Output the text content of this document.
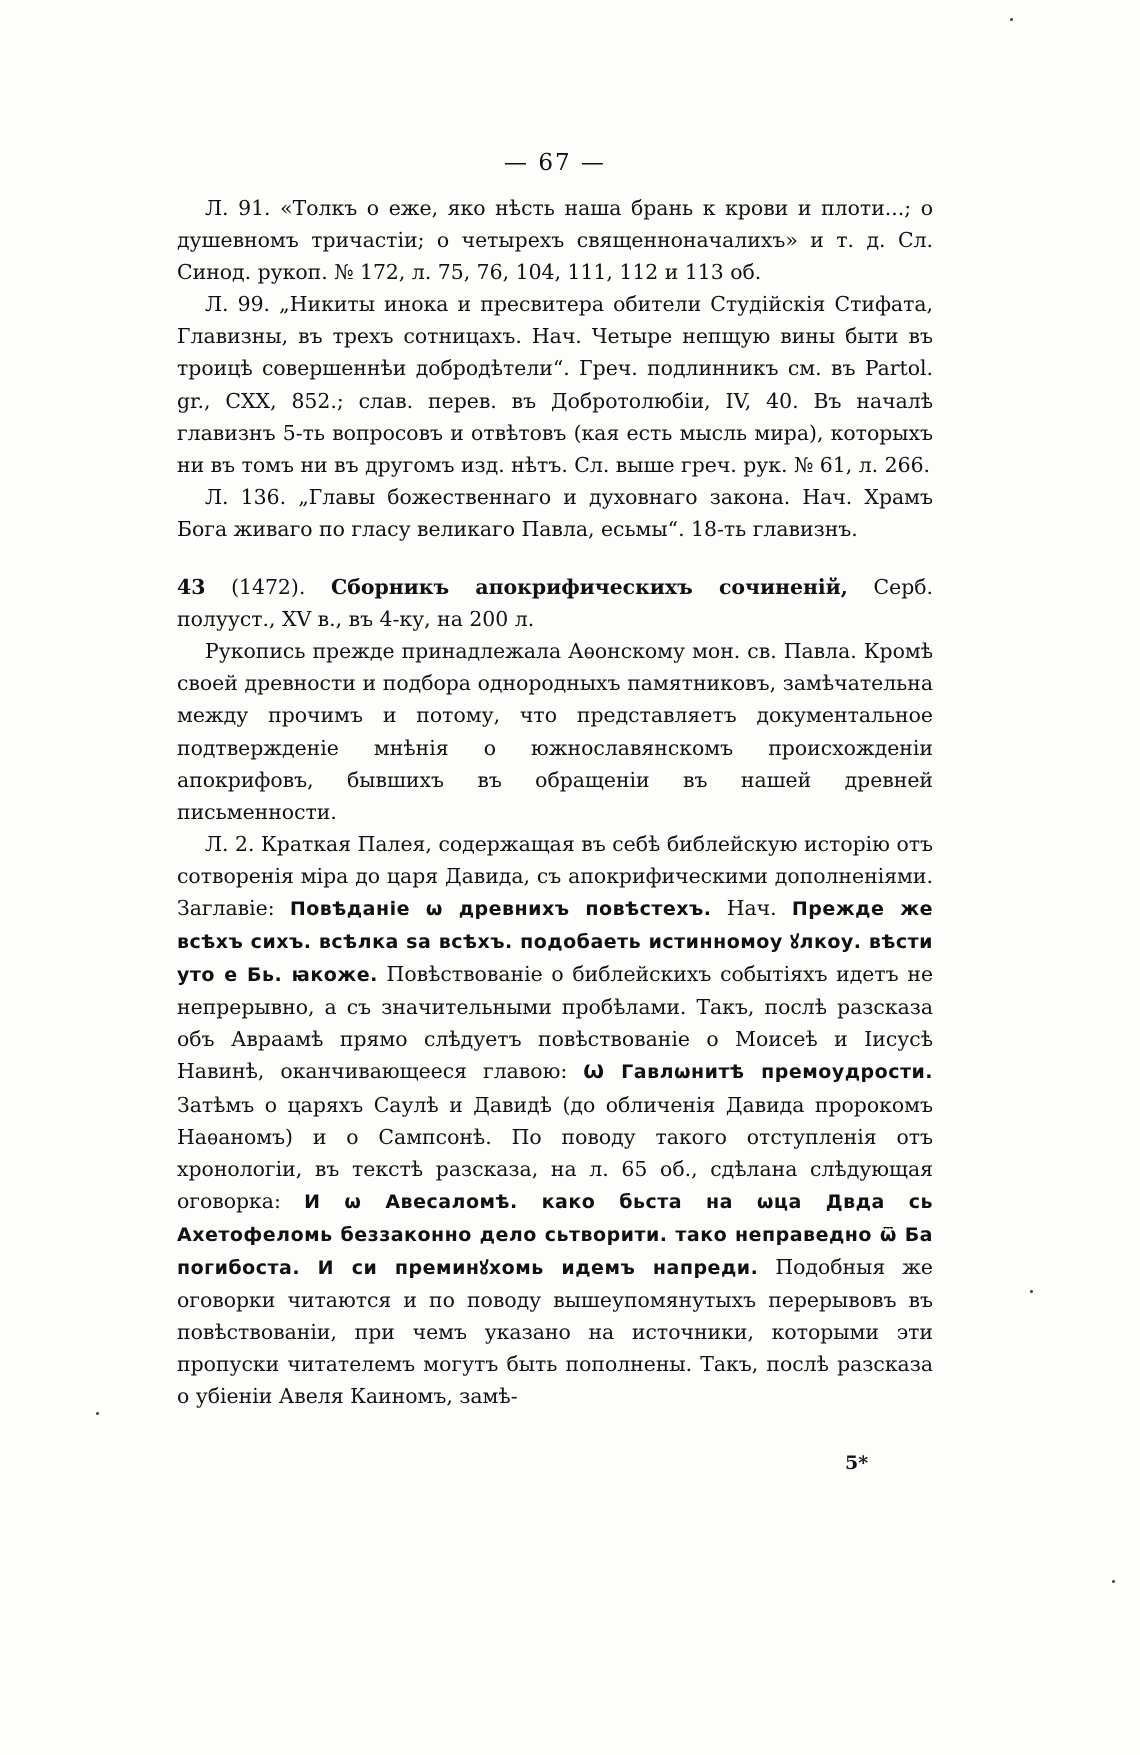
— 67 —

Л. 91. «Толкъ о еже, яко нѣсть наша брань к крови и плоти...; о душевномъ тричастіи; о четырехъ священноначалихъ» и т. д. Сл. Синод. рукоп. № 172, л. 75, 76, 104, 111, 112 и 113 об.

Л. 99. „Никиты инока и пресвитера обители Студійскія Стифата, Главизны, въ трехъ сотницахъ. Нач. Четыре непщую вины быти въ троицѣ совершеннѣи добродѣтели“. Греч. подлинникъ см. въ Partol. gr., CXX, 852.; слав. перев. въ Добротолюбіи, IV, 40. Въ началѣ главизнъ 5-ть вопросовъ и отвѣтовъ (кая есть мысль мира), которыхъ ни въ томъ ни въ другомъ изд. нѣтъ. Сл. выше греч. рук. № 61, л. 266.

Л. 136. „Главы божественнаго и духовнаго закона. Нач. Храмъ Бога живаго по гласу великаго Павла, есьмы“. 18-ть главизнъ.

43 (1472). Сборникъ апокрифическихъ сочиненій, Серб. полууст., XV в., въ 4-ку, на 200 л.

Рукопись прежде принадлежала Аѳонскому мон. св. Павла. Кромѣ своей древности и подбора однородныхъ памятниковъ, замѣчательна между прочимъ и потому, что представляетъ документальное подтвержденіе мнѣнія о южнославянскомъ происхожденіи апокрифовъ, бывшихъ въ обращеніи въ нашей древней письменности.

Л. 2. Краткая Палея, содержащая въ себѣ библейскую исторію отъ сотворенія міра до царя Давида, съ апокрифическими дополненіями. Заглавіе: Повѣданіе ѡ древнихъ повѣстехъ. Нач. Прежде же всѣхъ сихъ. всѣлка ѕа всѣхъ. подобаеть истинномоу ꙋлкоу. вѣсти уто е Бь. ꙗкоже. Повѣствованіе о библейскихъ событіяхъ идетъ не непрерывно, а съ значительными пробѣлами. Такъ, послѣ разсказа объ Авраамѣ прямо слѣдуетъ повѣствованіе о Моисеѣ и Іисусѣ Навинѣ, оканчивающееся главою: Ѡ Гавлѡнитѣ премоудрости. Затѣмъ о царяхъ Саулѣ и Давидѣ (до обличенія Давида пророкомъ Наѳаномъ) и о Сампсонѣ. По поводу такого отступленія отъ хронологіи, въ текстѣ разсказа, на л. 65 об., сдѣлана слѣдующая оговорка: И ѡ Авесаломѣ. како бьста на ѡца Двда сь Ахетофеломь беззаконно дело сьтворити. тако неправедно ѿ Ба погибоста. И си преминꙋхомь идемъ напреди. Подобныя же оговорки читаются и по поводу вышеупомянутыхъ перерывовъ въ повѣствованіи, при чемъ указано на источники, которыми эти пропуски читателемъ могутъ быть пополнены. Такъ, послѣ разсказа о убіеніи Авеля Каиномъ, замѣ-

5*
